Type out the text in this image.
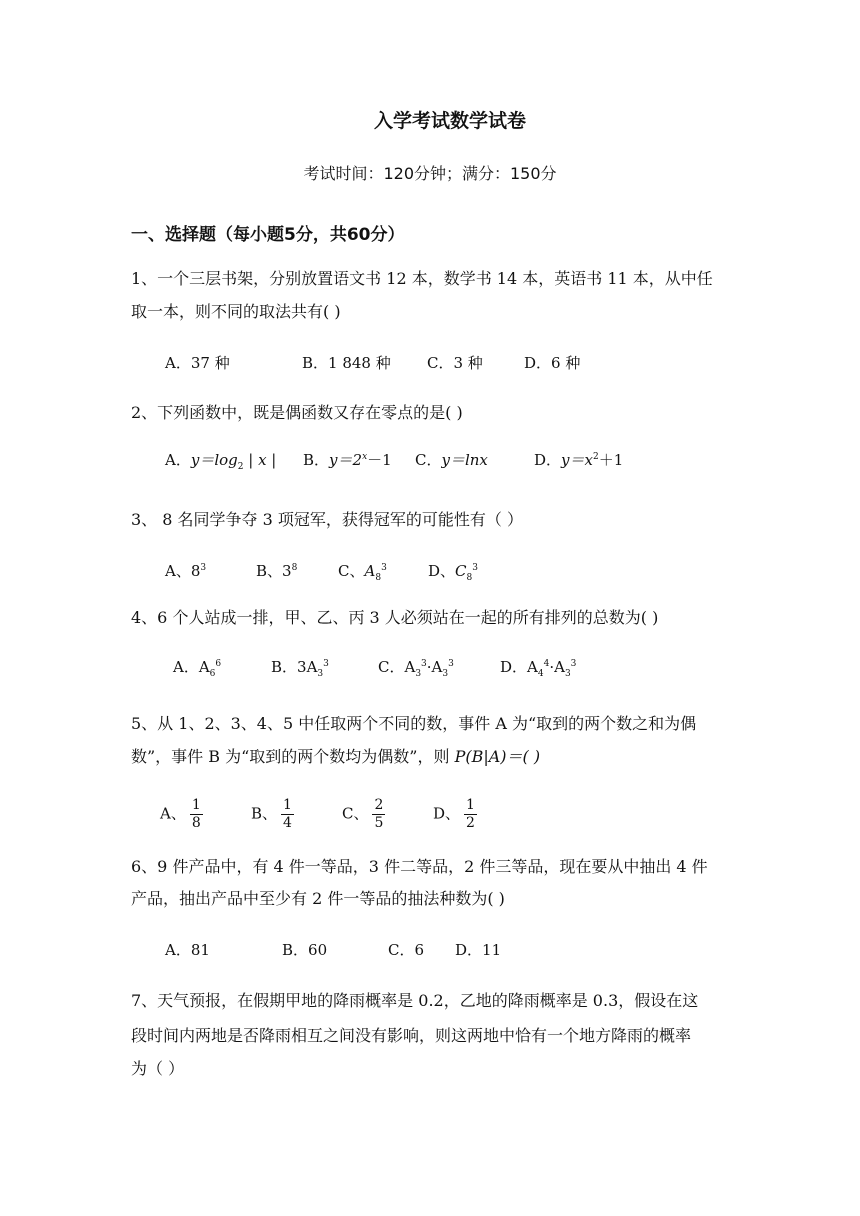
入学考试数学试卷
考试时间：120分钟；满分：150分
一、选择题（每小题5分，共60分）
1、一个三层书架，分别放置语文书 12 本，数学书 14 本，英语书 11 本，从中任
取一本，则不同的取法共有( )
A．37 种	B．1 848 种 C．3 种	D．6 种
2、下列函数中，既是偶函数又存在零点的是( )
A．$y=\log_2$ | x | B．$y=2^x-1$ C．y＝lnx	D．$y=x^2+1$
3、 8 名同学争夺 3 项冠军，获得冠军的可能性有（ ）
A、$8^3$	B、$3^8$	C、$A_8^3$	D、$C_8^3$
4、6 个人站成一排，甲、乙、丙 3 人必须站在一起的所有排列的总数为( )
A．$A_6^6$	B．$3A_3^3$	C．$A_3^3\cdot A_3^3$	D．$A_4^4\cdot A_3^3$
5、从 1、2、3、4、5 中任取两个不同的数，事件 A 为“取到的两个数之和为偶
数”，事件 B 为“取到的两个数均为偶数”，则 P(B|A)＝( )
A、 $\frac{1}{8}$	B、 $\frac{1}{4}$	C、 $\frac{2}{5}$	D、 $\frac{1}{2}$
6、9 件产品中，有 4 件一等品，3 件二等品，2 件三等品，现在要从中抽出 4 件
产品，抽出产品中至少有 2 件一等品的抽法种数为( )
A．81	B．60	C．6 D．11
7、天气预报，在假期甲地的降雨概率是 0.2，乙地的降雨概率是 0.3，假设在这
段时间内两地是否降雨相互之间没有影响，则这两地中恰有一个地方降雨的概率
为（ ）
